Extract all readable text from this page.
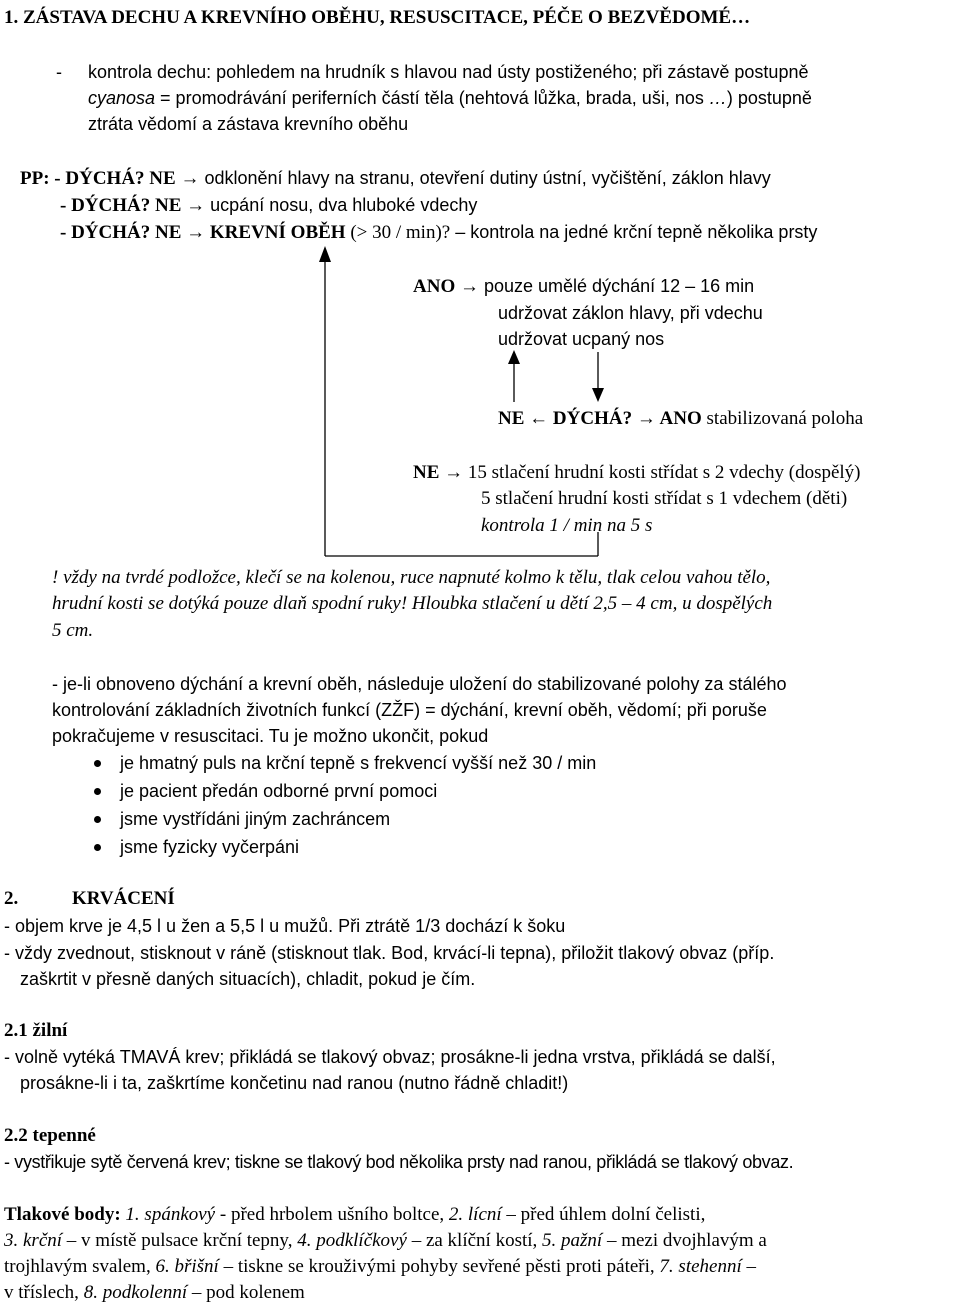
1. ZÁSTAVA DECHU A KREVNÍHO OBĚHU, RESUSCITACE, PÉČE O BEZVĚDOMÉ…
- kontrola dechu: pohledem na hrudník s hlavou nad ústy postiženého; při zástavě postupně
cyanosa = promodrávání periferních částí těla (nehtová lůžka, brada, uši, nos …) postupně
ztráta vědomí a zástava krevního oběhu
PP: - DÝCHÁ? NE → odklonění hlavy na stranu, otevření dutiny ústní, vyčištění, záklon hlavy
- DÝCHÁ? NE → ucpání nosu, dva hluboké vdechy
- DÝCHÁ? NE → KREVNÍ OBĚH (> 30 / min)? – kontrola na jedné krční tepně několika prsty
ANO → pouze umělé dýchání 12 – 16 min
udržovat záklon hlavy, při vdechu
udržovat ucpaný nos
NE ← DÝCHÁ? → ANO stabilizovaná poloha
NE → 15 stlačení hrudní kosti střídat s 2 vdechy (dospělý)
5 stlačení hrudní kosti střídat s 1 vdechem (děti)
kontrola 1 / min na 5 s
! vždy na tvrdé podložce, klečí se na kolenou, ruce napnuté kolmo k tělu, tlak celou vahou tělo,
hrudní kosti se dotýká pouze dlaň spodní ruky! Hloubka stlačení u dětí 2,5 – 4 cm, u dospělých
5 cm.
- je-li obnoveno dýchání a krevní oběh, následuje uložení do stabilizované polohy za stálého
kontrolování základních životních funkcí (ZŽF) = dýchání, krevní oběh, vědomí; při poruše
pokračujeme v resuscitaci. Tu je možno ukončit, pokud
je hmatný puls na krční tepně s frekvencí vyšší než 30 / min
je pacient předán odborné první pomoci
jsme vystřídáni jiným zachráncem
jsme fyzicky vyčerpáni
2.	KRVÁCENÍ
- objem krve je 4,5 l u žen a 5,5 l u mužů. Při ztrátě 1/3 dochází k šoku
- vždy zvednout, stisknout v ráně (stisknout tlak. Bod, krvácí-li tepna), přiložit tlakový obvaz (příp.
zaškrtit v přesně daných situacích), chladit, pokud je čím.
2.1 žilní
- volně vytéká TMAVÁ krev; přikládá se tlakový obvaz; prosákne-li jedna vrstva, přikládá se další,
prosákne-li i ta, zaškrtíme končetinu nad ranou (nutno řádně chladit!)
2.2 tepenné
- vystřikuje sytě červená krev; tiskne se tlakový bod několika prsty nad ranou, přikládá se tlakový obvaz.
Tlakové body: 1. spánkový - před hrbolem ušního boltce, 2. lícní – před úhlem dolní čelisti,
3. krční – v místě pulsace krční tepny, 4. podklíčkový – za klíční kostí, 5. pažní – mezi dvojhlavým a
trojhlavým svalem, 6. břišní – tiskne se krouživými pohyby sevřené pěsti proti páteři, 7. stehenní –
v tříslech, 8. podkolenní – pod kolenem
